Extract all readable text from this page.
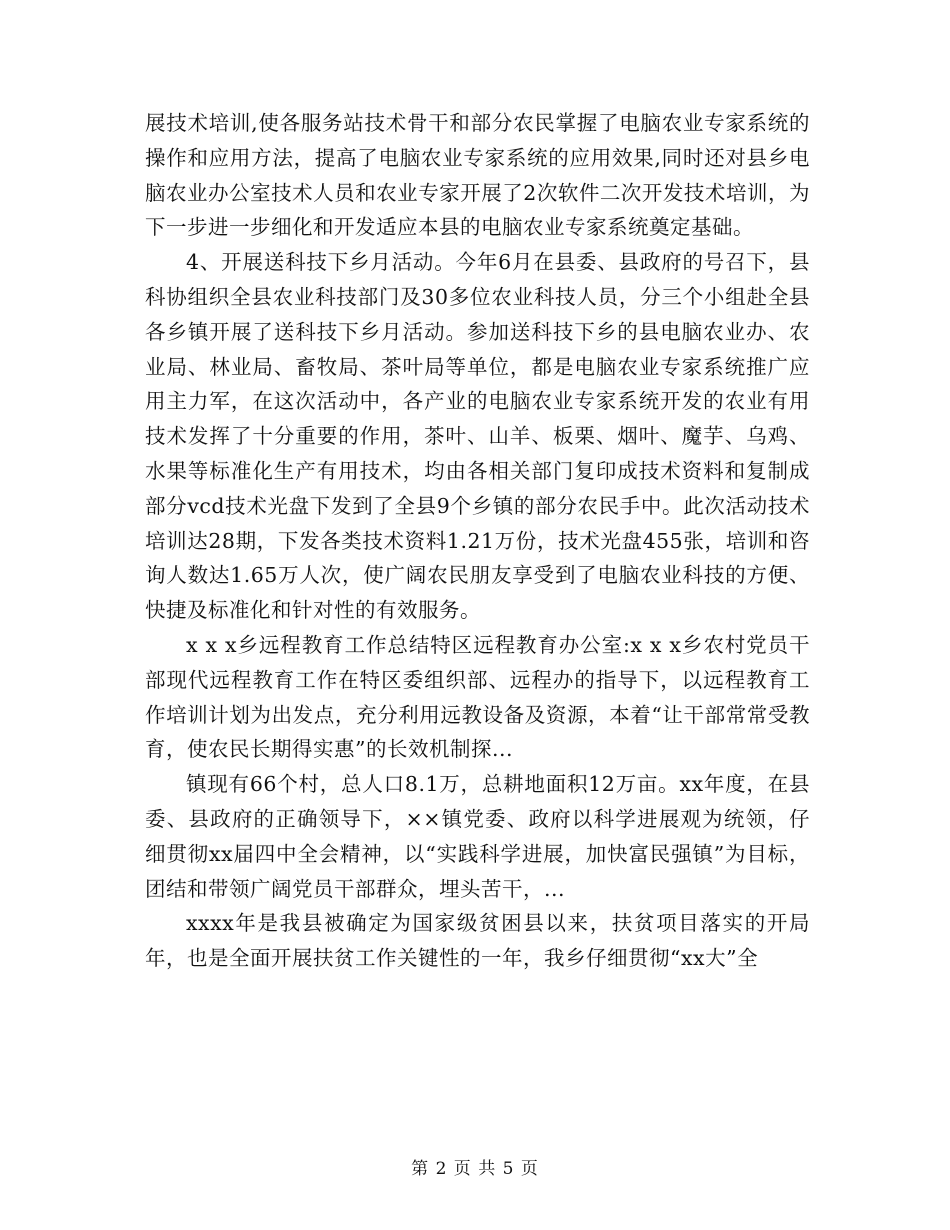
展技术培训,使各服务站技术骨干和部分农民掌握了电脑农业专家系统的操作和应用方法，提高了电脑农业专家系统的应用效果,同时还对县乡电脑农业办公室技术人员和农业专家开展了2次软件二次开发技术培训，为下一步进一步细化和开发适应本县的电脑农业专家系统奠定基础。

4、开展送科技下乡月活动。今年6月在县委、县政府的号召下，县科协组织全县农业科技部门及30多位农业科技人员，分三个小组赴全县各乡镇开展了送科技下乡月活动。参加送科技下乡的县电脑农业办、农业局、林业局、畜牧局、茶叶局等单位，都是电脑农业专家系统推广应用主力军，在这次活动中，各产业的电脑农业专家系统开发的农业有用技术发挥了十分重要的作用，茶叶、山羊、板栗、烟叶、魔芋、乌鸡、水果等标准化生产有用技术，均由各相关部门复印成技术资料和复制成部分vcd技术光盘下发到了全县9个乡镇的部分农民手中。此次活动技术培训达28期，下发各类技术资料1.21万份，技术光盘455张，培训和咨询人数达1.65万人次，使广阔农民朋友享受到了电脑农业科技的方便、快捷及标准化和针对性的有效服务。

x x x乡远程教育工作总结特区远程教育办公室:x x x乡农村党员干部现代远程教育工作在特区委组织部、远程办的指导下，以远程教育工作培训计划为出发点，充分利用远教设备及资源，本着“让干部常常受教育，使农民长期得实惠”的长效机制探...

镇现有66个村，总人口8.1万，总耕地面积12万亩。xx年度，在县委、县政府的正确领导下，××镇党委、政府以科学进展观为统领，仔细贯彻xx届四中全会精神，以“实践科学进展，加快富民强镇”为目标，团结和带领广阔党员干部群众，埋头苦干，...

xxxx年是我县被确定为国家级贫困县以来，扶贫项目落实的开局年，也是全面开展扶贫工作关键性的一年，我乡仔细贯彻“xx大”全

第 2 页 共 5 页
